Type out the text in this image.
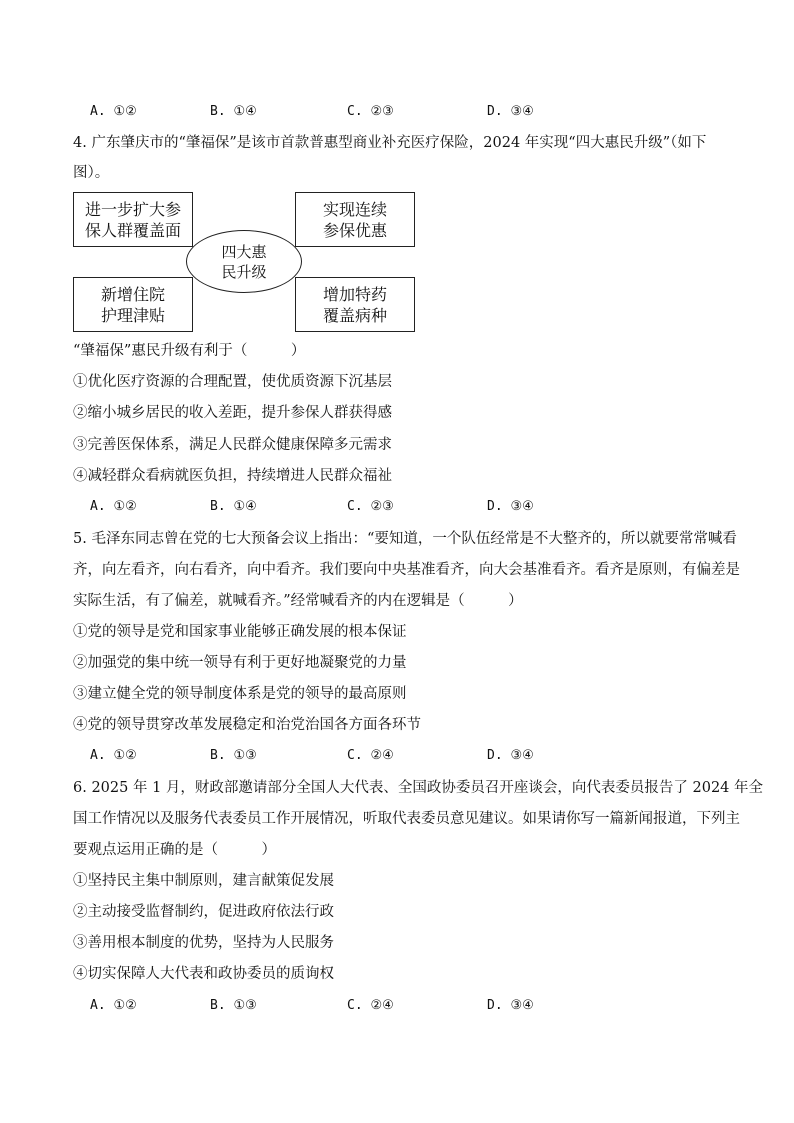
A. ①②	B. ①④	C. ②③	D. ③④
4. 广东肇庆市的“肇福保”是该市首款普惠型商业补充医疗保险，2024 年实现“四大惠民升级”（如下
图）。
进一步扩大参
保人群覆盖面
实现连续
参保优惠
新增住院
护理津贴
增加特药
覆盖病种
四大惠
民升级
“肇福保”惠民升级有利于（　　　）
①优化医疗资源的合理配置，使优质资源下沉基层
②缩小城乡居民的收入差距，提升参保人群获得感
③完善医保体系，满足人民群众健康保障多元需求
④减轻群众看病就医负担，持续增进人民群众福祉
A. ①②	B. ①④	C. ②③	D. ③④
5. 毛泽东同志曾在党的七大预备会议上指出：“要知道，一个队伍经常是不大整齐的，所以就要常常喊看
齐，向左看齐，向右看齐，向中看齐。我们要向中央基准看齐，向大会基准看齐。看齐是原则，有偏差是
实际生活，有了偏差，就喊看齐。”经常喊看齐的内在逻辑是（　　　）
①党的领导是党和国家事业能够正确发展的根本保证
②加强党的集中统一领导有利于更好地凝聚党的力量
③建立健全党的领导制度体系是党的领导的最高原则
④党的领导贯穿改革发展稳定和治党治国各方面各环节
A. ①②	B. ①③	C. ②④	D. ③④
6. 2025 年 1 月，财政部邀请部分全国人大代表、全国政协委员召开座谈会，向代表委员报告了 2024 年全
国工作情况以及服务代表委员工作开展情况，听取代表委员意见建议。如果请你写一篇新闻报道，下列主
要观点运用正确的是（　　　）
①坚持民主集中制原则，建言献策促发展
②主动接受监督制约，促进政府依法行政
③善用根本制度的优势，坚持为人民服务
④切实保障人大代表和政协委员的质询权
A. ①②	B. ①③	C. ②④	D. ③④
